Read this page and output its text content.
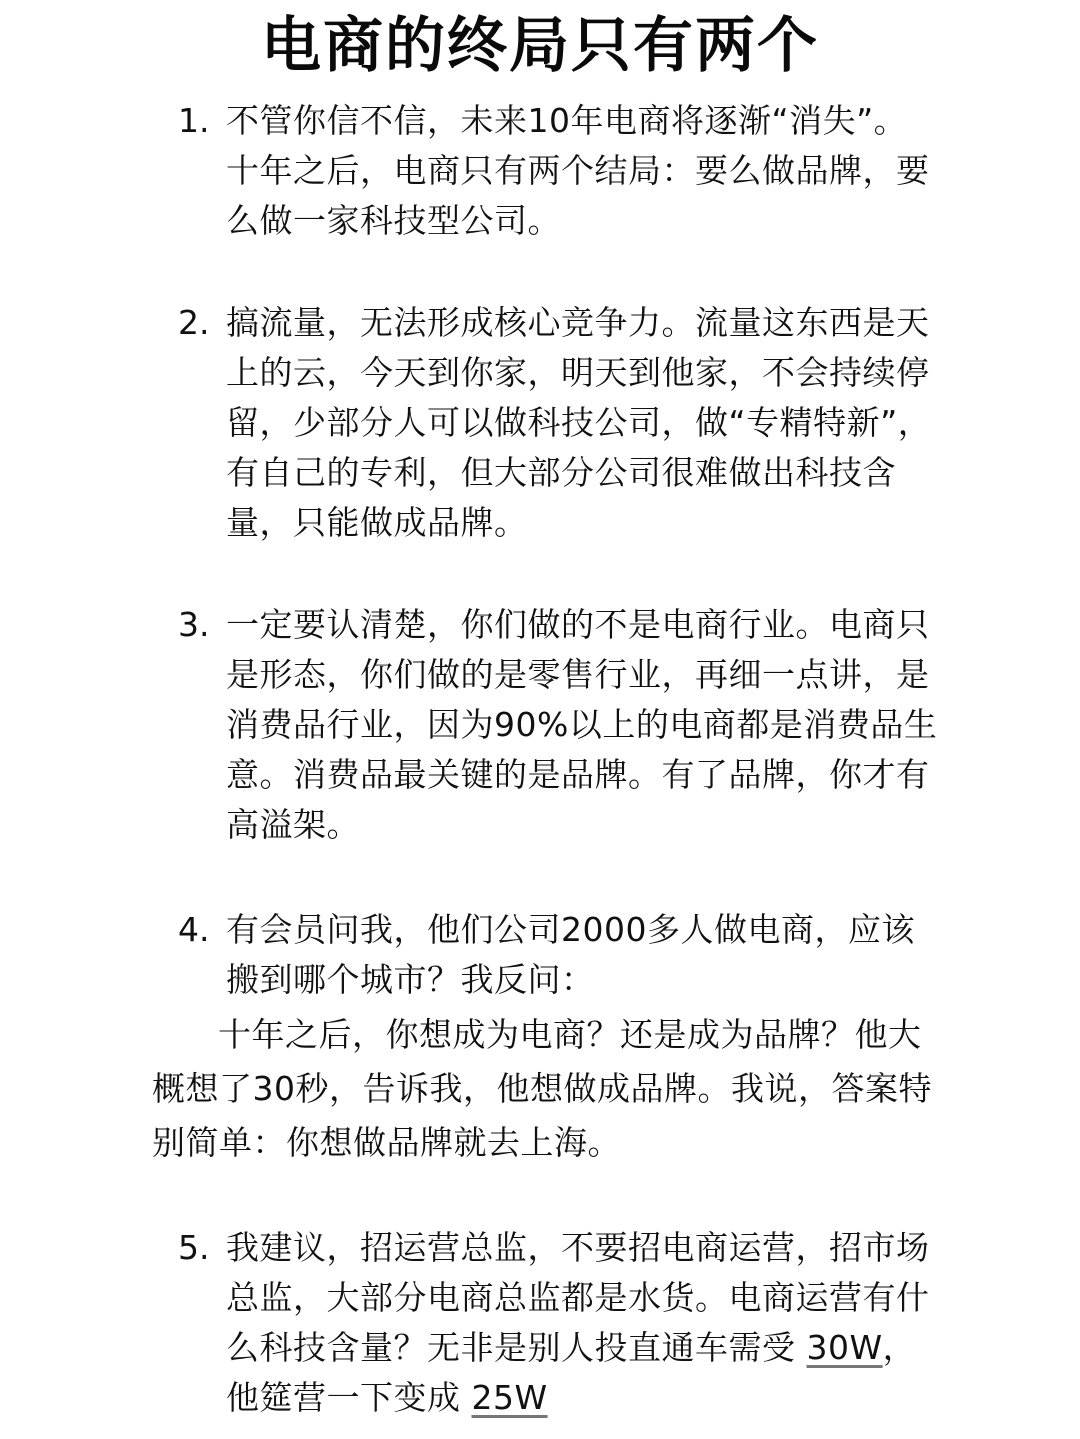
电商的终局只有两个
1. 不管你信不信，未来10年电商将逐渐“消失”。十年之后，电商只有两个结局：要么做品牌，要么做一家科技型公司。
2. 搞流量，无法形成核心竞争力。流量这东西是天上的云，今天到你家，明天到他家，不会持续停留，少部分人可以做科技公司，做“专精特新”，有自己的专利，但大部分公司很难做出科技含量，只能做成品牌。
3. 一定要认清楚，你们做的不是电商行业。电商只是形态，你们做的是零售行业，再细一点讲，是消费品行业，因为90%以上的电商都是消费品生意。消费品最关键的是品牌。有了品牌，你才有高溢架。
4. 有会员问我，他们公司2000多人做电商，应该搬到哪个城市？我反问：
十年之后，你想成为电商？还是成为品牌？他大概想了30秒，告诉我，他想做成品牌。我说，答案特别简单：你想做品牌就去上海。
5. 我建议，招运营总监，不要招电商运营，招市场总监，大部分电商总监都是水货。电商运营有什么科技含量？无非是别人投直通车需受 30W，他筵营一下变成 25W
